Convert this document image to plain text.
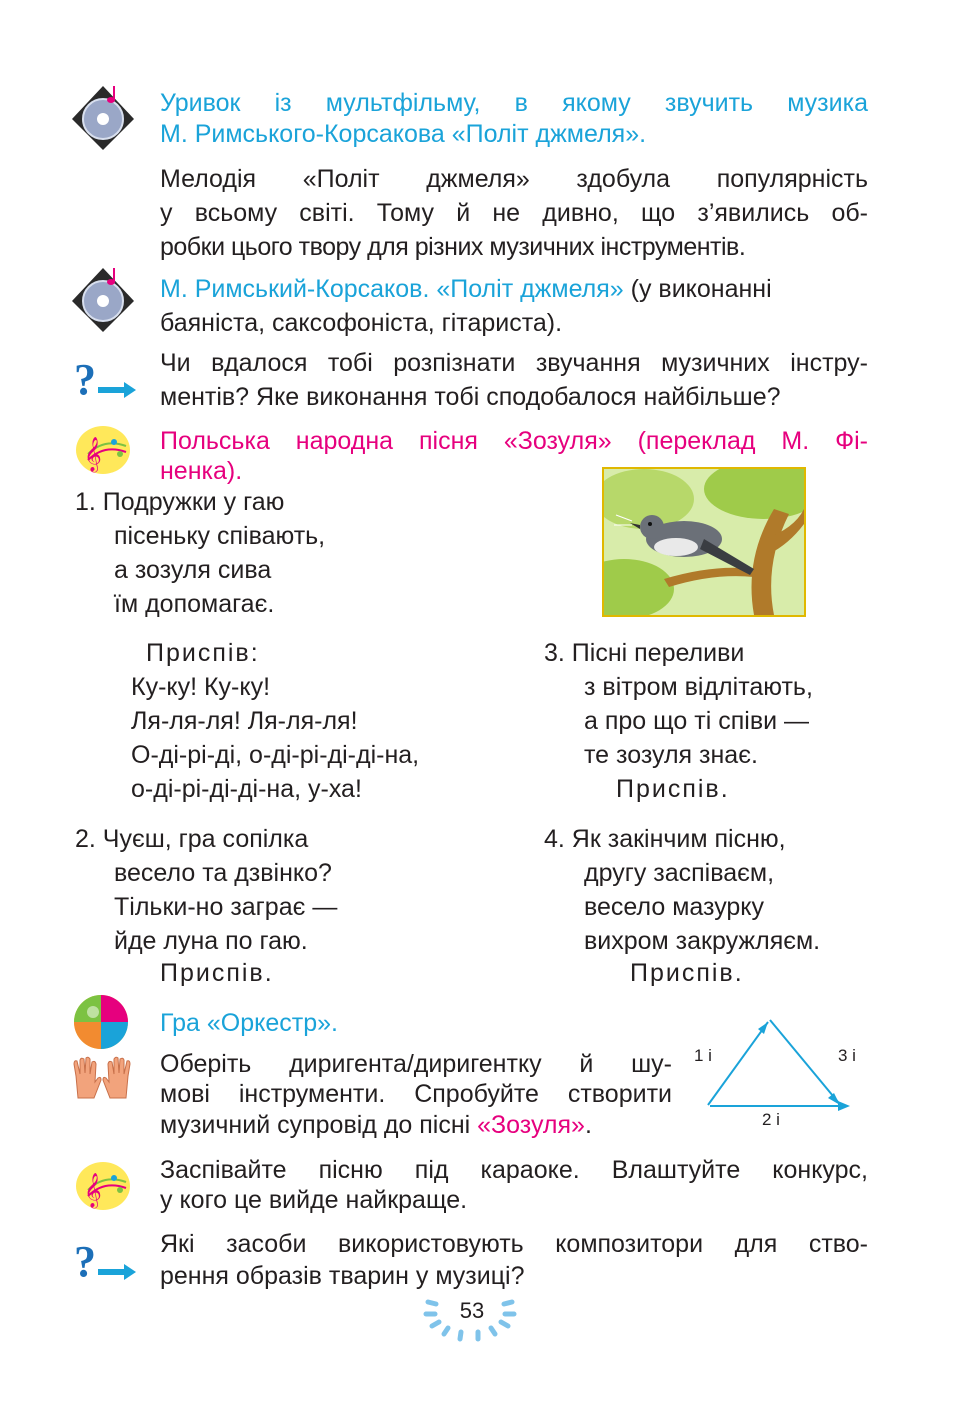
Уривок із мультфільму, в якому звучить музика
М. Римського-Корсакова «Політ джмеля».
Мелодія «Політ джмеля» здобула популярність
у всьому світі. Тому й не дивно, що з’явились об-
робки цього твору для різних музичних інструментів.
М. Римський-Корсаков. «Політ джмеля» (у виконанні
баяніста, саксофоніста, гітариста).
?	Чи вдалося тобі розпізнати звучання музичних інстру-
ментів? Яке виконання тобі сподобалося найбільше?
𝄞 Польська народна пісня «Зозуля» (переклад М. Фі-
ненка).
1. Подружки у гаю
пісеньку співають,
а зозуля сива
їм допомагає.
Приспів:
Ку-ку! Ку-ку!
Ля-ля-ля! Ля-ля-ля!
О-ді-рі-ді, о-ді-рі-ді-ді-на,
о-ді-рі-ді-ді-на, у-ха!
3. Пісні переливи
з вітром відлітають,
а про що ті співи —
те зозуля знає.
Приспів.
2. Чуєш, гра сопілка
весело та дзвінко?
Тільки-но заграє —
йде луна по гаю.
Приспів.
4. Як закінчим пісню,
другу заспіваєм,
весело мазурку
вихром закружляєм.
Приспів.
Гра «Оркестр».
Оберіть диригента/диригентку й шу-
мові інструменти. Спробуйте створити
музичний супровід до пісні «Зозуля».
1 і
2 і
3 і
𝄞
Заспівайте пісню під караоке. Влаштуйте конкурс,
у кого це вийде найкраще.
?	Які засоби використовують композитори для ство-
рення образів тварин у музиці?
53
